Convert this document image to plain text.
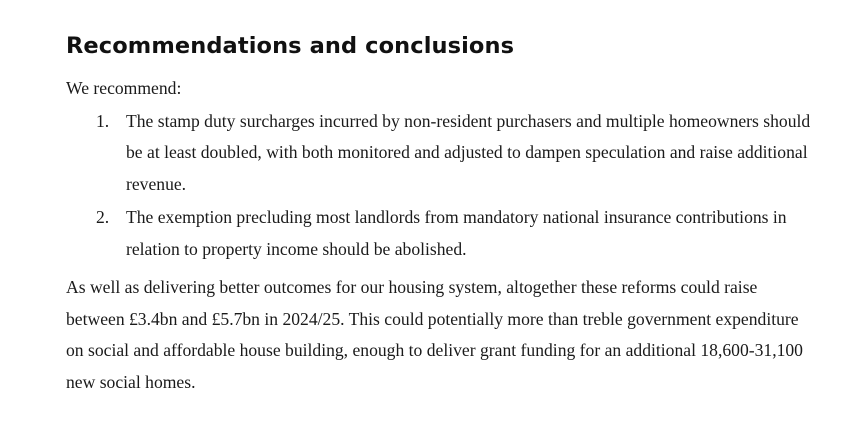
Recommendations and conclusions

We recommend:

1. The stamp duty surcharges incurred by non-resident purchasers and multiple homeowners should be at least doubled, with both monitored and adjusted to dampen speculation and raise additional revenue.
2. The exemption precluding most landlords from mandatory national insurance contributions in relation to property income should be abolished.

As well as delivering better outcomes for our housing system, altogether these reforms could raise between £3.4bn and £5.7bn in 2024/25. This could potentially more than treble government expenditure on social and affordable house building, enough to deliver grant funding for an additional 18,600-31,100 new social homes.
